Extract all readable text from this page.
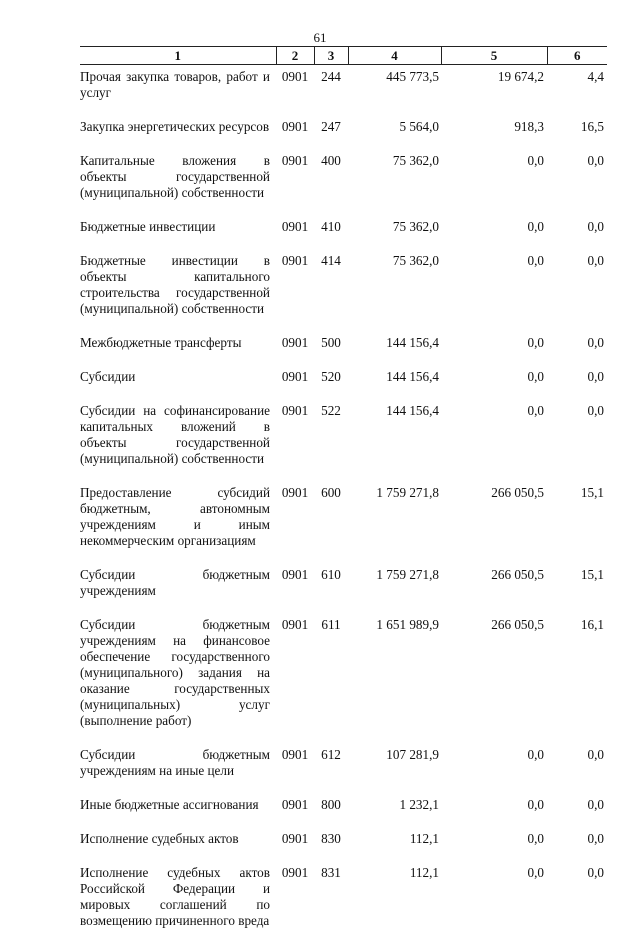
61
1	2	3	4	5	6
Прочая закупка товаров, работ и услуг	0901	244	445 773,5	19 674,2	4,4
Закупка энергетических ресурсов	0901	247	5 564,0	918,3	16,5
Капитальные вложения в объекты государственной (муниципальной) собственности	0901	400	75 362,0	0,0	0,0
Бюджетные инвестиции	0901	410	75 362,0	0,0	0,0
Бюджетные инвестиции в объекты капитального строительства государственной (муниципальной) собственности	0901	414	75 362,0	0,0	0,0
Межбюджетные трансферты	0901	500	144 156,4	0,0	0,0
Субсидии	0901	520	144 156,4	0,0	0,0
Субсидии на софинансирование капитальных вложений в объекты государственной (муниципальной) собственности	0901	522	144 156,4	0,0	0,0
Предоставление субсидий бюджетным, автономным учреждениям и иным некоммерческим организациям	0901	600	1 759 271,8	266 050,5	15,1
Субсидии бюджетным учреждениям	0901	610	1 759 271,8	266 050,5	15,1
Субсидии бюджетным учреждениям на финансовое обеспечение государственного (муниципального) задания на оказание государственных (муниципальных) услуг (выполнение работ)	0901	611	1 651 989,9	266 050,5	16,1
Субсидии бюджетным учреждениям на иные цели	0901	612	107 281,9	0,0	0,0
Иные бюджетные ассигнования	0901	800	1 232,1	0,0	0,0
Исполнение судебных актов	0901	830	112,1	0,0	0,0
Исполнение судебных актов Российской Федерации и мировых соглашений по возмещению причиненного вреда	0901	831	112,1	0,0	0,0
